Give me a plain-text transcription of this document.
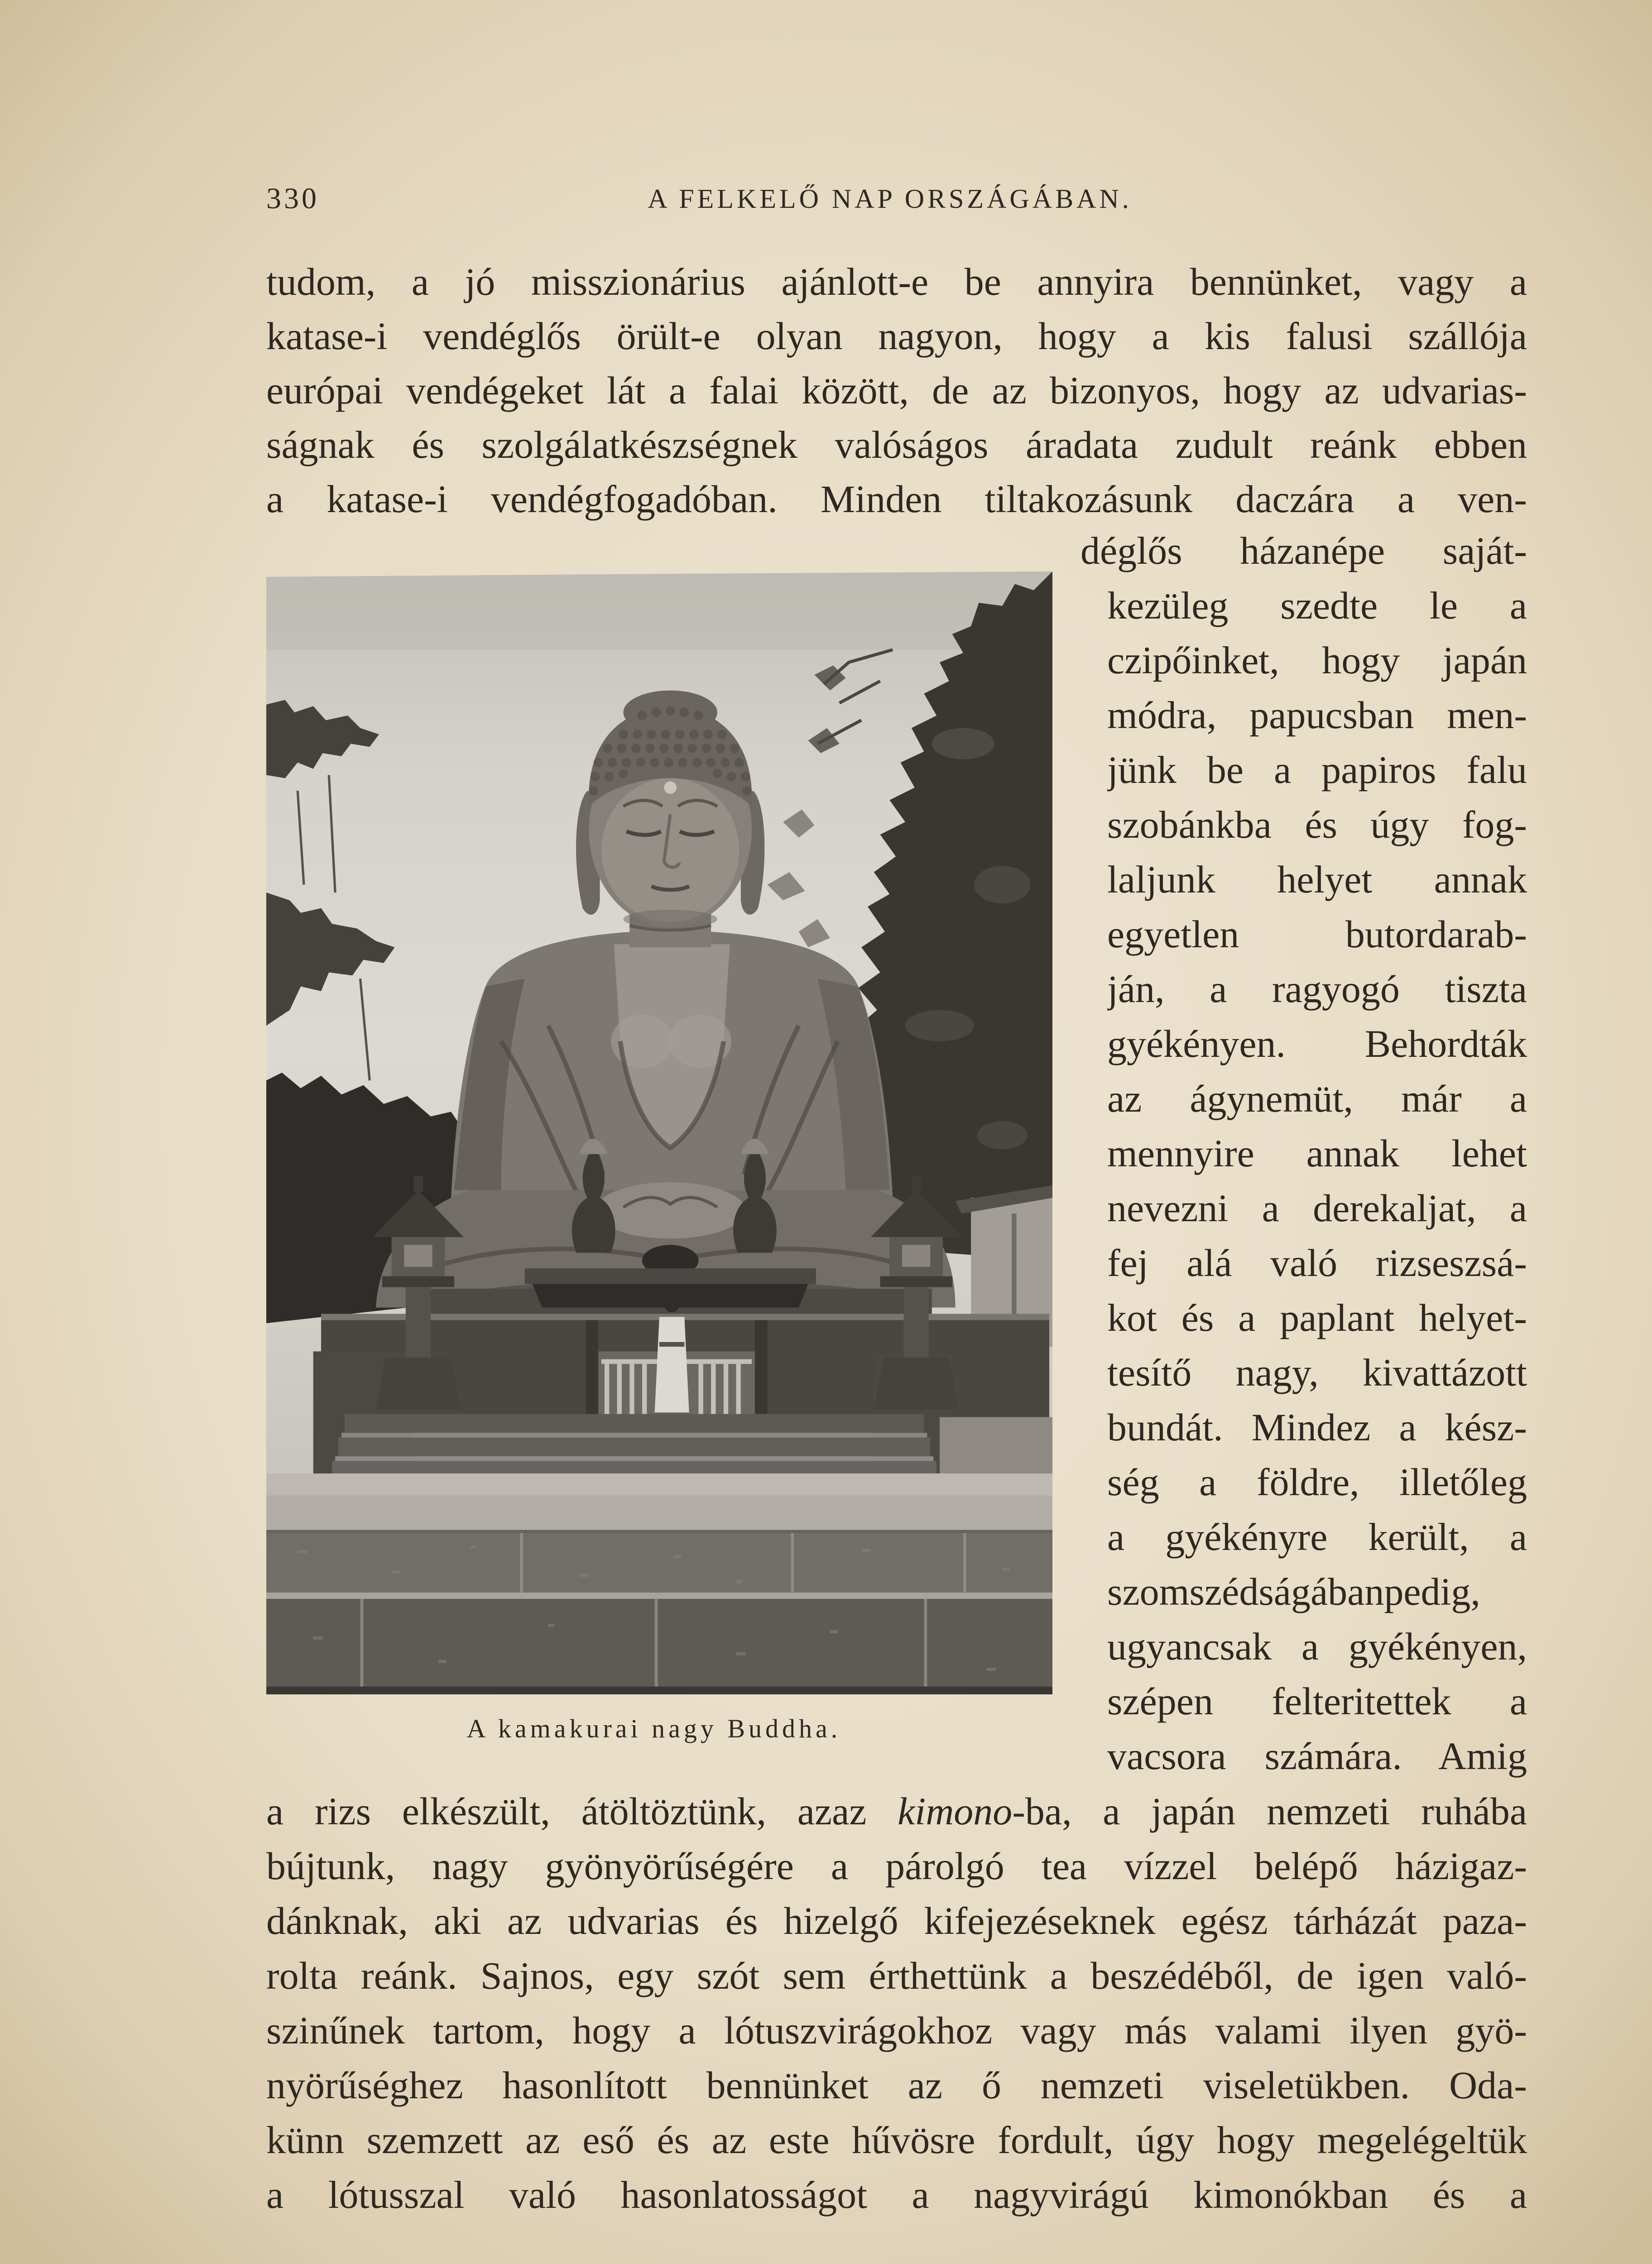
330	A FELKELŐ NAP ORSZÁGÁBAN.
tudom, a jó misszionárius ajánlott-e be annyira bennünket, vagy a
katase-i vendéglős örült-e olyan nagyon, hogy a kis falusi szállója
európai vendégeket lát a falai között, de az bizonyos, hogy az udvarias-
ságnak és szolgálatkészségnek valóságos áradata zudult reánk ebben
a katase-i vendégfogadóban. Minden tiltakozásunk daczára a ven-
A kamakurai nagy Buddha.
déglős házanépe saját-
kezüleg szedte le a
czipőinket, hogy japán
módra, papucsban men-
jünk be a papiros falu
szobánkba és úgy fog-
laljunk helyet annak
egyetlen butordarab-
ján, a ragyogó tiszta
gyékényen. Behordták
az ágynemüt, már a
mennyire annak lehet
nevezni a derekaljat, a
fej alá való rizseszsá-
kot és a paplant helyet-
tesítő nagy, kivattázott
bundát. Mindez a kész-
ség a földre, illetőleg
a gyékényre került, a
szomszédságábanpedig,
ugyancsak a gyékényen,
szépen felteritettek a
vacsora számára. Amig
a rizs elkészült, átöltöztünk, azaz kimono-ba, a japán nemzeti ruhába
bújtunk, nagy gyönyörűségére a párolgó tea vízzel belépő házigaz-
dánknak, aki az udvarias és hizelgő kifejezéseknek egész tárházát paza-
rolta reánk. Sajnos, egy szót sem érthettünk a beszédéből, de igen való-
szinűnek tartom, hogy a lótuszvirágokhoz vagy más valami ilyen gyö-
nyörűséghez hasonlított bennünket az ő nemzeti viseletükben. Oda-
künn szemzett az eső és az este hűvösre fordult, úgy hogy megelégeltük
a lótusszal való hasonlatosságot a nagyvirágú kimonókban és a
